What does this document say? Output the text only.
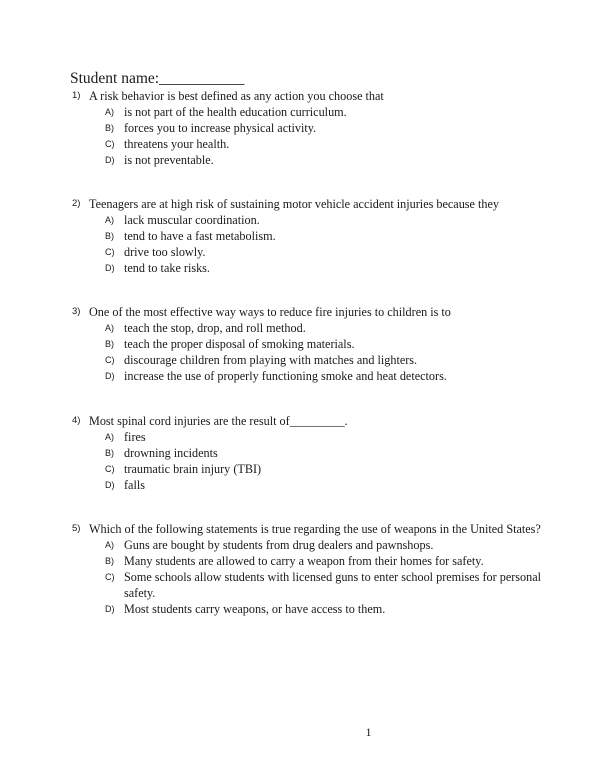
Student name:___________
1) A risk behavior is best defined as any action you choose that
A) is not part of the health education curriculum.
B) forces you to increase physical activity.
C) threatens your health.
D) is not preventable.
2) Teenagers are at high risk of sustaining motor vehicle accident injuries because they
A) lack muscular coordination.
B) tend to have a fast metabolism.
C) drive too slowly.
D) tend to take risks.
3) One of the most effective way ways to reduce fire injuries to children is to
A) teach the stop, drop, and roll method.
B) teach the proper disposal of smoking materials.
C) discourage children from playing with matches and lighters.
D) increase the use of properly functioning smoke and heat detectors.
4) Most spinal cord injuries are the result of_________.
A) fires
B) drowning incidents
C) traumatic brain injury (TBI)
D) falls
5) Which of the following statements is true regarding the use of weapons in the United States?
A) Guns are bought by students from drug dealers and pawnshops.
B) Many students are allowed to carry a weapon from their homes for safety.
C) Some schools allow students with licensed guns to enter school premises for personal safety.
D) Most students carry weapons, or have access to them.
1
